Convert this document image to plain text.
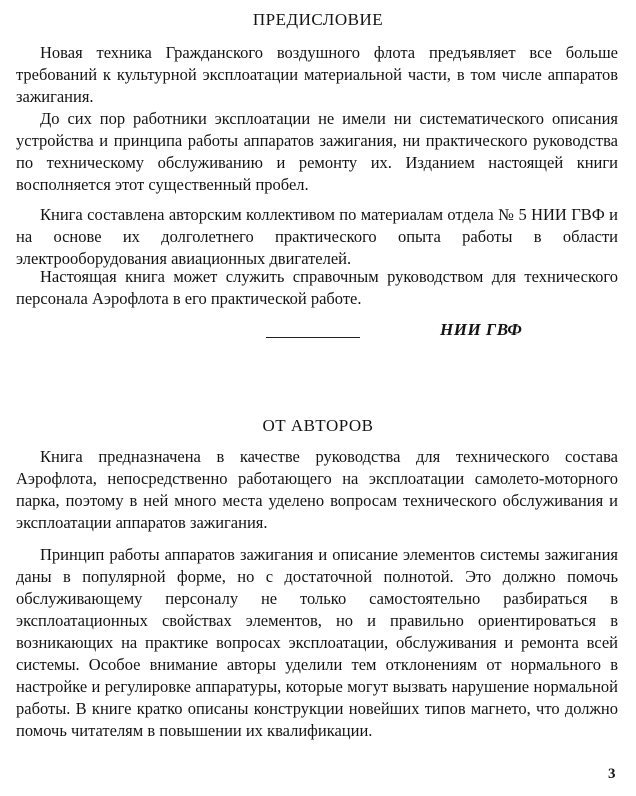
ПРЕДИСЛОВИЕ

Новая техника Гражданского воздушного флота предъявляет все больше требований к культурной эксплоатации материальной части, в том числе аппаратов зажигания.

До сих пор работники эксплоатации не имели ни систематического описания устройства и принципа работы аппаратов зажигания, ни практического руководства по техническому обслуживанию и ремонту их. Изданием настоящей книги восполняется этот существенный пробел.

Книга составлена авторским коллективом по материалам отдела № 5 НИИ ГВФ и на основе их долголетнего практического опыта работы в области электрооборудования авиационных двигателей.

Настоящая книга может служить справочным руководством для технического персонала Аэрофлота в его практической работе.

НИИ ГВФ
ОТ АВТОРОВ

Книга предназначена в качестве руководства для технического состава Аэрофлота, непосредственно работающего на эксплоатации самолето-моторного парка, поэтому в ней много места уделено вопросам технического обслуживания и эксплоатации аппаратов зажигания.

Принцип работы аппаратов зажигания и описание элементов системы зажигания даны в популярной форме, но с достаточной полнотой. Это должно помочь обслуживающему персоналу не только самостоятельно разбираться в эксплоатационных свойствах элементов, но и правильно ориентироваться в возникающих на практике вопросах эксплоатации, обслуживания и ремонта всей системы. Особое внимание авторы уделили тем отклонениям от нормального в настройке и регулировке аппаратуры, которые могут вызвать нарушение нормальной работы. В книге кратко описаны конструкции новейших типов магнето, что должно помочь читателям в повышении их квалификации.

3
